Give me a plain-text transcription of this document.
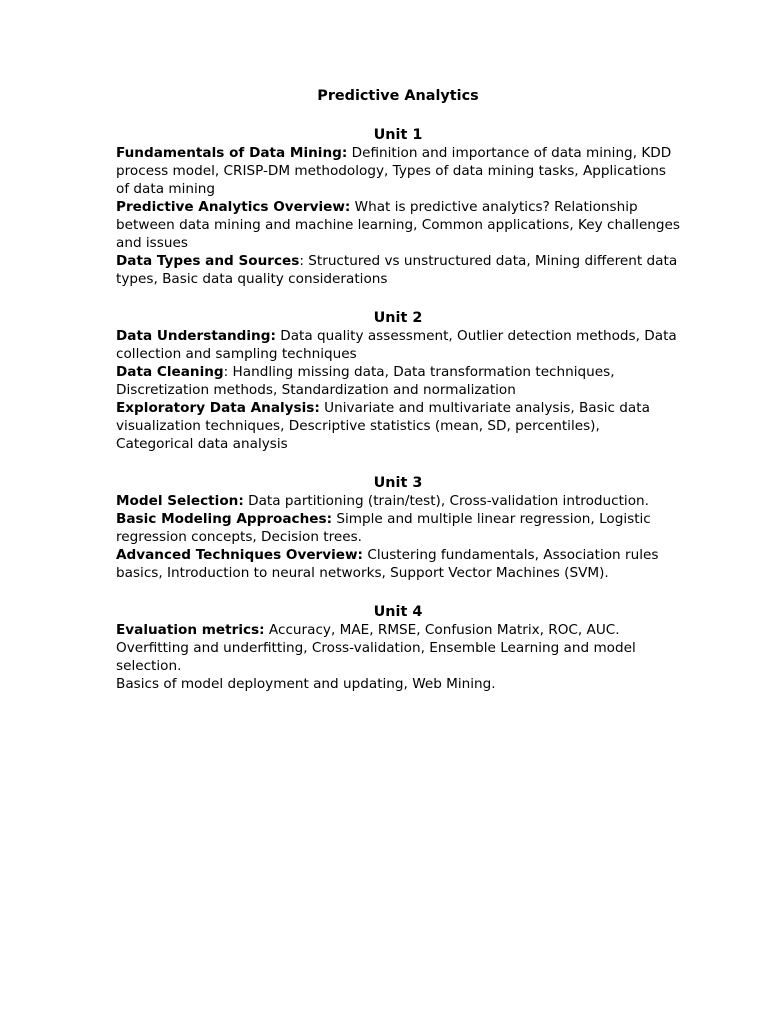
Predictive Analytics
Unit 1

Fundamentals of Data Mining: Definition and importance of data mining, KDD process model, CRISP-DM methodology, Types of data mining tasks, Applications of data mining

Predictive Analytics Overview: What is predictive analytics? Relationship between data mining and machine learning, Common applications, Key challenges and issues

Data Types and Sources: Structured vs unstructured data, Mining different data types, Basic data quality considerations

Unit 2

Data Understanding: Data quality assessment, Outlier detection methods, Data collection and sampling techniques

Data Cleaning: Handling missing data, Data transformation techniques, Discretization methods, Standardization and normalization

Exploratory Data Analysis: Univariate and multivariate analysis, Basic data visualization techniques, Descriptive statistics (mean, SD, percentiles), Categorical data analysis

Unit 3

Model Selection: Data partitioning (train/test), Cross-validation introduction.

Basic Modeling Approaches: Simple and multiple linear regression, Logistic regression concepts, Decision trees.

Advanced Techniques Overview: Clustering fundamentals, Association rules basics, Introduction to neural networks, Support Vector Machines (SVM).

Unit 4

Evaluation metrics: Accuracy, MAE, RMSE, Confusion Matrix, ROC, AUC. Overfitting and underfitting, Cross-validation, Ensemble Learning and model selection.

Basics of model deployment and updating, Web Mining.
